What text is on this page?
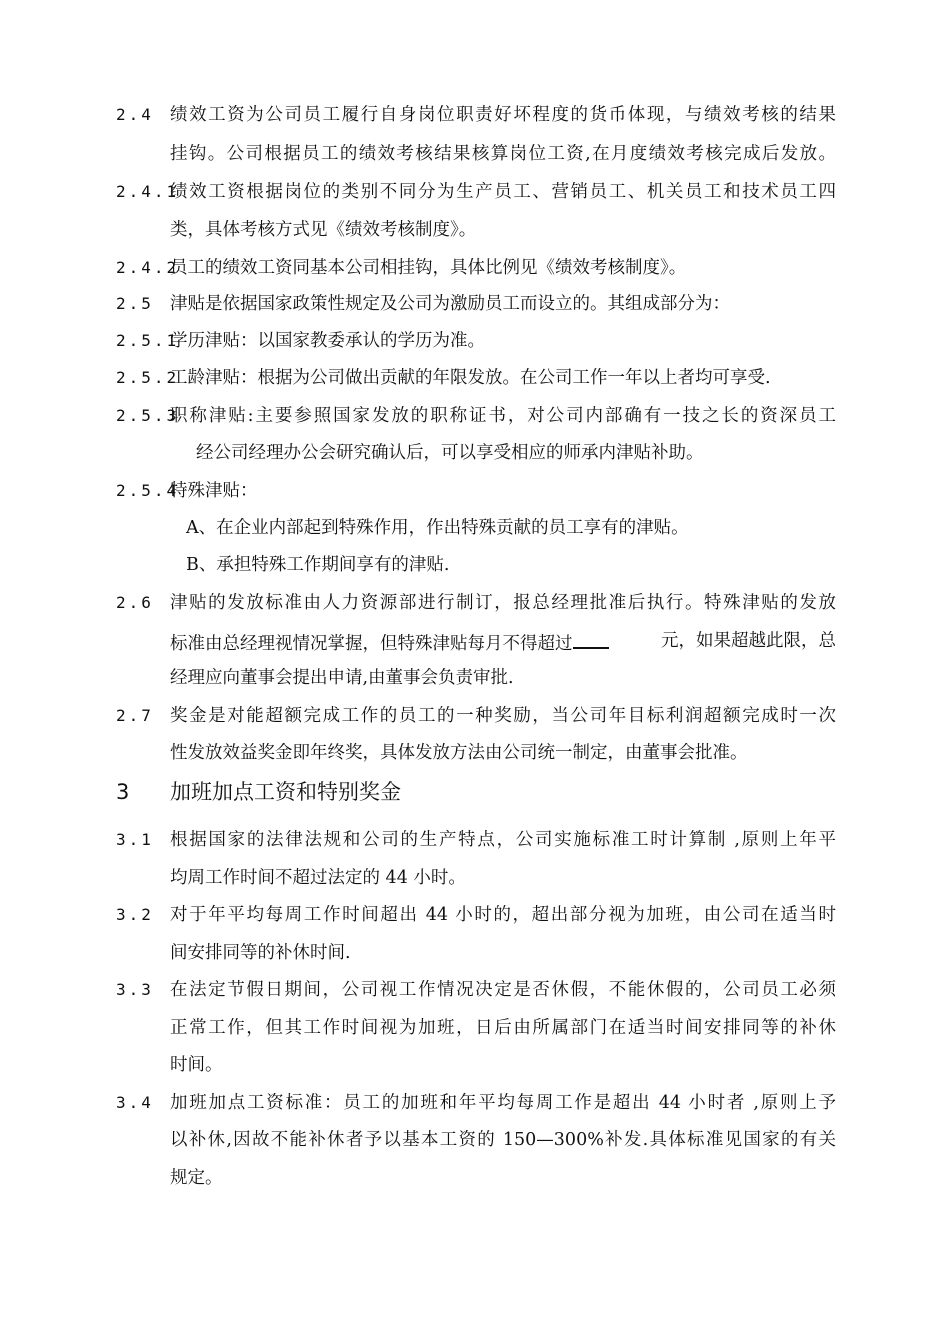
2.4 绩效工资为公司员工履行自身岗位职责好坏程度的货币体现，与绩效考核的结果
挂钩。公司根据员工的绩效考核结果核算岗位工资,在月度绩效考核完成后发放。
2.4.1
绩效工资根据岗位的类别不同分为生产员工、营销员工、机关员工和技术员工四
类，具体考核方式见《绩效考核制度》。
2.4.2
员工的绩效工资同基本公司相挂钩，具体比例见《绩效考核制度》。
2.5 津贴是依据国家政策性规定及公司为激励员工而设立的。其组成部分为：
2.5.1
学历津贴：以国家教委承认的学历为准。
2.5.2
工龄津贴：根据为公司做出贡献的年限发放。在公司工作一年以上者均可享受.
2.5.3
职称津贴:主要参照国家发放的职称证书，对公司内部确有一技之长的资深员工
经公司经理办公会研究确认后，可以享受相应的师承内津贴补助。
2.5.4
特殊津贴：
A、在企业内部起到特殊作用，作出特殊贡献的员工享有的津贴。
B、承担特殊工作期间享有的津贴.
2.6 津贴的发放标准由人力资源部进行制订，报总经理批准后执行。特殊津贴的发放
标准由总经理视情况掌握，但特殊津贴每月不得超过	元，如果超越此限，总
经理应向董事会提出申请,由董事会负责审批.
2.7 奖金是对能超额完成工作的员工的一种奖励，当公司年目标利润超额完成时一次
性发放效益奖金即年终奖，具体发放方法由公司统一制定，由董事会批准。
3 加班加点工资和特别奖金
3.1 根据国家的法律法规和公司的生产特点，公司实施标准工时计算制 ,原则上年平
均周工作时间不超过法定的 44 小时。
3.2 对于年平均每周工作时间超出 44 小时的，超出部分视为加班，由公司在适当时
间安排同等的补休时间.
3.3 在法定节假日期间，公司视工作情况决定是否休假，不能休假的，公司员工必须
正常工作，但其工作时间视为加班，日后由所属部门在适当时间安排同等的补休
时间。
3.4 加班加点工资标准：员工的加班和年平均每周工作是超出 44 小时者 ,原则上予
以补休,因故不能补休者予以基本工资的 150—300%补发.具体标准见国家的有关
规定。
